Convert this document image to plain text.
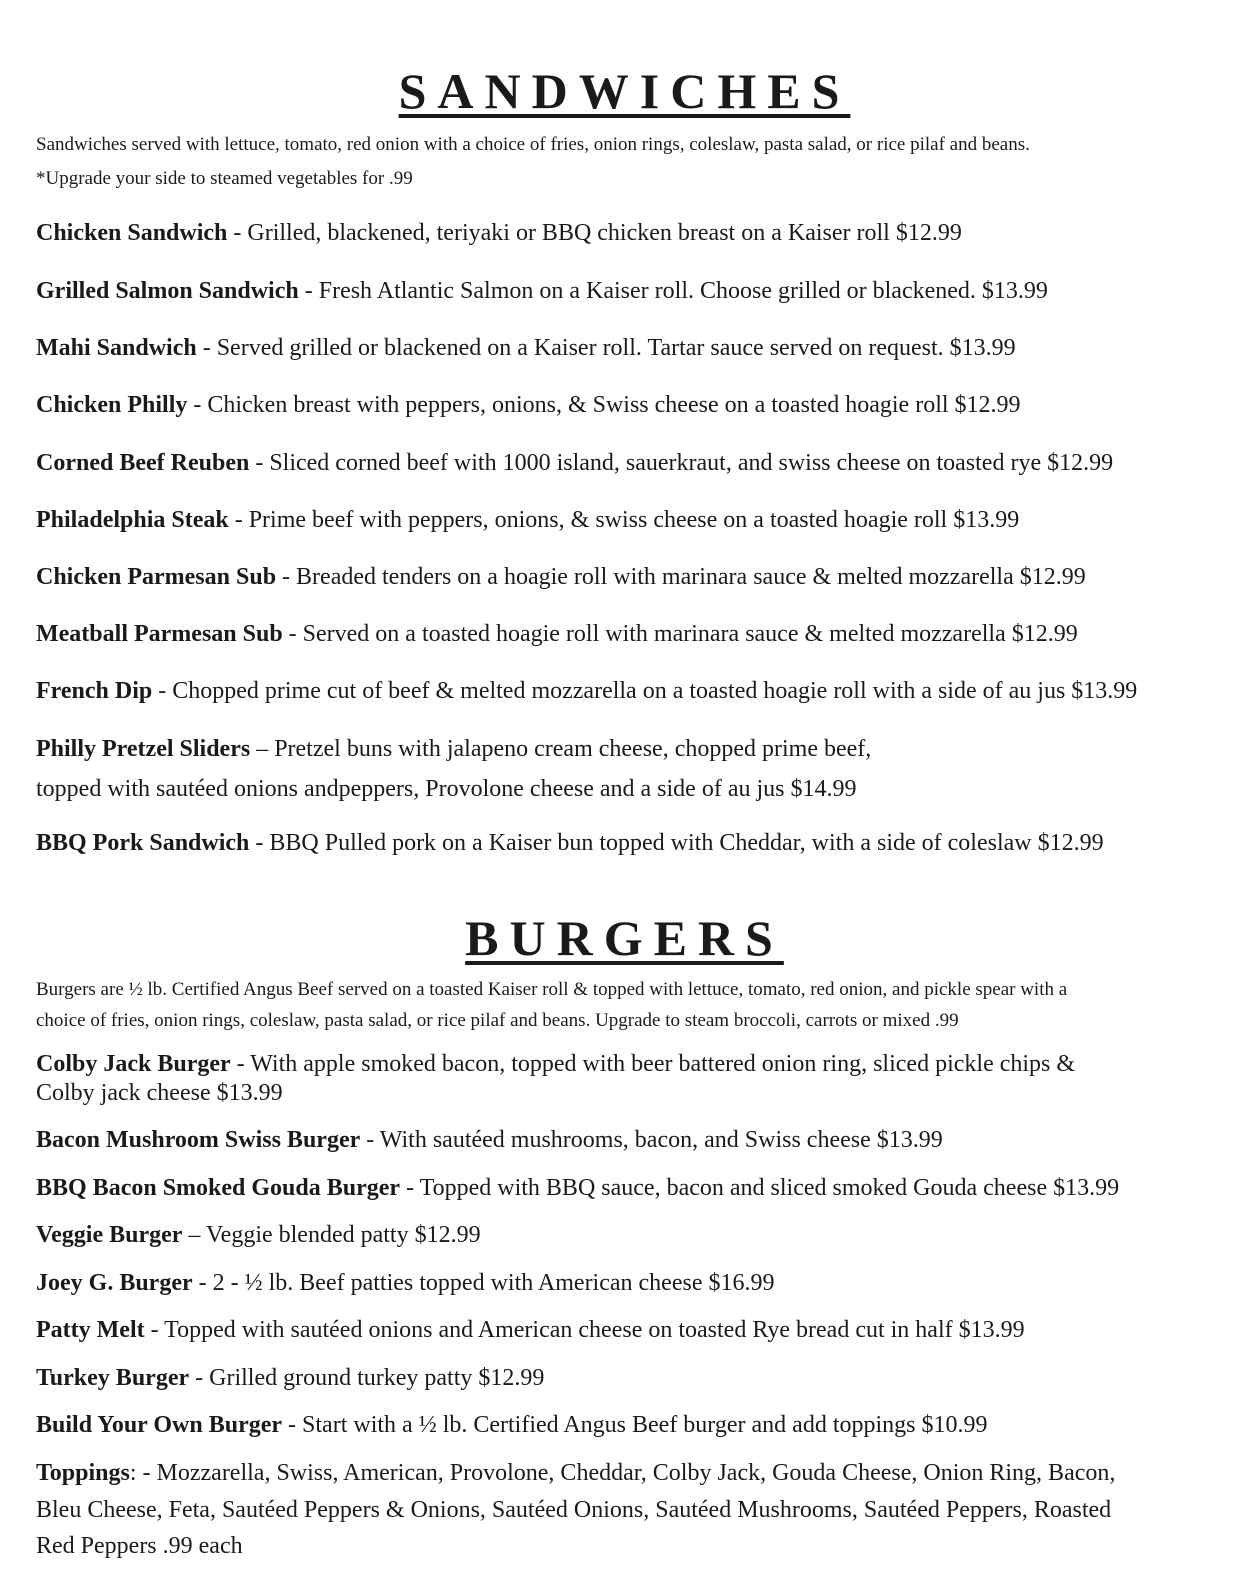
SANDWICHES
Sandwiches served with lettuce, tomato, red onion with a choice of fries, onion rings, coleslaw, pasta salad, or rice pilaf and beans.
*Upgrade your side to steamed vegetables for .99
Chicken Sandwich - Grilled, blackened, teriyaki or BBQ chicken breast on a Kaiser roll $12.99
Grilled Salmon Sandwich - Fresh Atlantic Salmon on a Kaiser roll. Choose grilled or blackened. $13.99
Mahi Sandwich - Served grilled or blackened on a Kaiser roll. Tartar sauce served on request. $13.99
Chicken Philly - Chicken breast with peppers, onions, & Swiss cheese on a toasted hoagie roll $12.99
Corned Beef Reuben - Sliced corned beef with 1000 island, sauerkraut, and swiss cheese on toasted rye $12.99
Philadelphia Steak - Prime beef with peppers, onions, & swiss cheese on a toasted hoagie roll $13.99
Chicken Parmesan Sub - Breaded tenders on a hoagie roll with marinara sauce & melted mozzarella $12.99
Meatball Parmesan Sub - Served on a toasted hoagie roll with marinara sauce & melted mozzarella $12.99
French Dip - Chopped prime cut of beef & melted mozzarella on a toasted hoagie roll with a side of au jus $13.99
Philly Pretzel Sliders – Pretzel buns with jalapeno cream cheese, chopped prime beef,
topped with sautéed onions andpeppers, Provolone cheese and a side of au jus $14.99
BBQ Pork Sandwich - BBQ Pulled pork on a Kaiser bun topped with Cheddar, with a side of coleslaw $12.99
BURGERS
Burgers are ½ lb. Certified Angus Beef served on a toasted Kaiser roll & topped with lettuce, tomato, red onion, and pickle spear with a
choice of fries, onion rings, coleslaw, pasta salad, or rice pilaf and beans. Upgrade to steam broccoli, carrots or mixed .99
Colby Jack Burger - With apple smoked bacon, topped with beer battered onion ring, sliced pickle chips &
Colby jack cheese $13.99
Bacon Mushroom Swiss Burger - With sautéed mushrooms, bacon, and Swiss cheese $13.99
BBQ Bacon Smoked Gouda Burger - Topped with BBQ sauce, bacon and sliced smoked Gouda cheese $13.99
Veggie Burger – Veggie blended patty $12.99
Joey G. Burger - 2 - ½ lb. Beef patties topped with American cheese $16.99
Patty Melt - Topped with sautéed onions and American cheese on toasted Rye bread cut in half $13.99
Turkey Burger - Grilled ground turkey patty $12.99
Build Your Own Burger - Start with a ½ lb. Certified Angus Beef burger and add toppings $10.99
Toppings: - Mozzarella, Swiss, American, Provolone, Cheddar, Colby Jack, Gouda Cheese, Onion Ring, Bacon,
Bleu Cheese, Feta, Sautéed Peppers & Onions, Sautéed Onions, Sautéed Mushrooms, Sautéed Peppers, Roasted
Red Peppers .99 each
